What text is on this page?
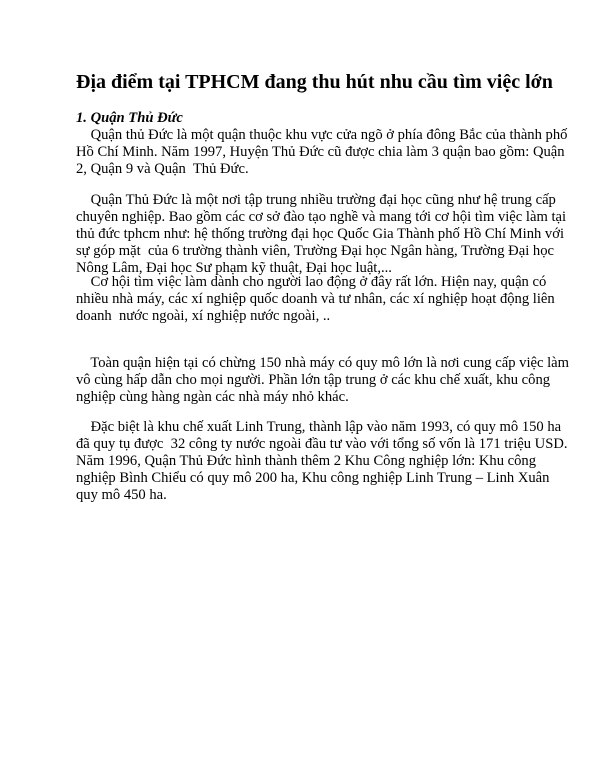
Địa điểm tại TPHCM đang thu hút nhu cầu tìm việc lớn
1. Quận Thủ Đức
Quận thủ Đức là một quận thuộc khu vực cửa ngõ ở phía đông Bắc của thành phố
Hồ Chí Minh. Năm 1997, Huyện Thủ Đức cũ được chia làm 3 quận bao gồm: Quận
2, Quận 9 và Quận  Thủ Đức.
Quận Thủ Đức là một nơi tập trung nhiều trường đại học cũng như hệ trung cấp
chuyên nghiệp. Bao gồm các cơ sở đào tạo nghề và mang tới cơ hội tìm việc làm tại
thủ đức tphcm như: hệ thống trường đại học Quốc Gia Thành phố Hồ Chí Minh với
sự góp mặt  của 6 trường thành viên, Trường Đại học Ngân hàng, Trường Đại học
Nông Lâm, Đại học Sư phạm kỹ thuật, Đại học luật,...
Cơ hội tìm việc làm dành cho người lao động ở đây rất lớn. Hiện nay, quận có
nhiều nhà máy, các xí nghiệp quốc doanh và tư nhân, các xí nghiệp hoạt động liên
doanh  nước ngoài, xí nghiệp nước ngoài, ..
Toàn quận hiện tại có chừng 150 nhà máy có quy mô lớn là nơi cung cấp việc làm
vô cùng hấp dẫn cho mọi người. Phần lớn tập trung ở các khu chế xuất, khu công
nghiệp cùng hàng ngàn các nhà máy nhỏ khác.
Đặc biệt là khu chế xuất Linh Trung, thành lập vào năm 1993, có quy mô 150 ha
đã quy tụ được  32 công ty nước ngoài đầu tư vào với tổng số vốn là 171 triệu USD.
Năm 1996, Quận Thủ Đức hình thành thêm 2 Khu Công nghiệp lớn: Khu công
nghiệp Bình Chiểu có quy mô 200 ha, Khu công nghiệp Linh Trung – Linh Xuân
quy mô 450 ha.
